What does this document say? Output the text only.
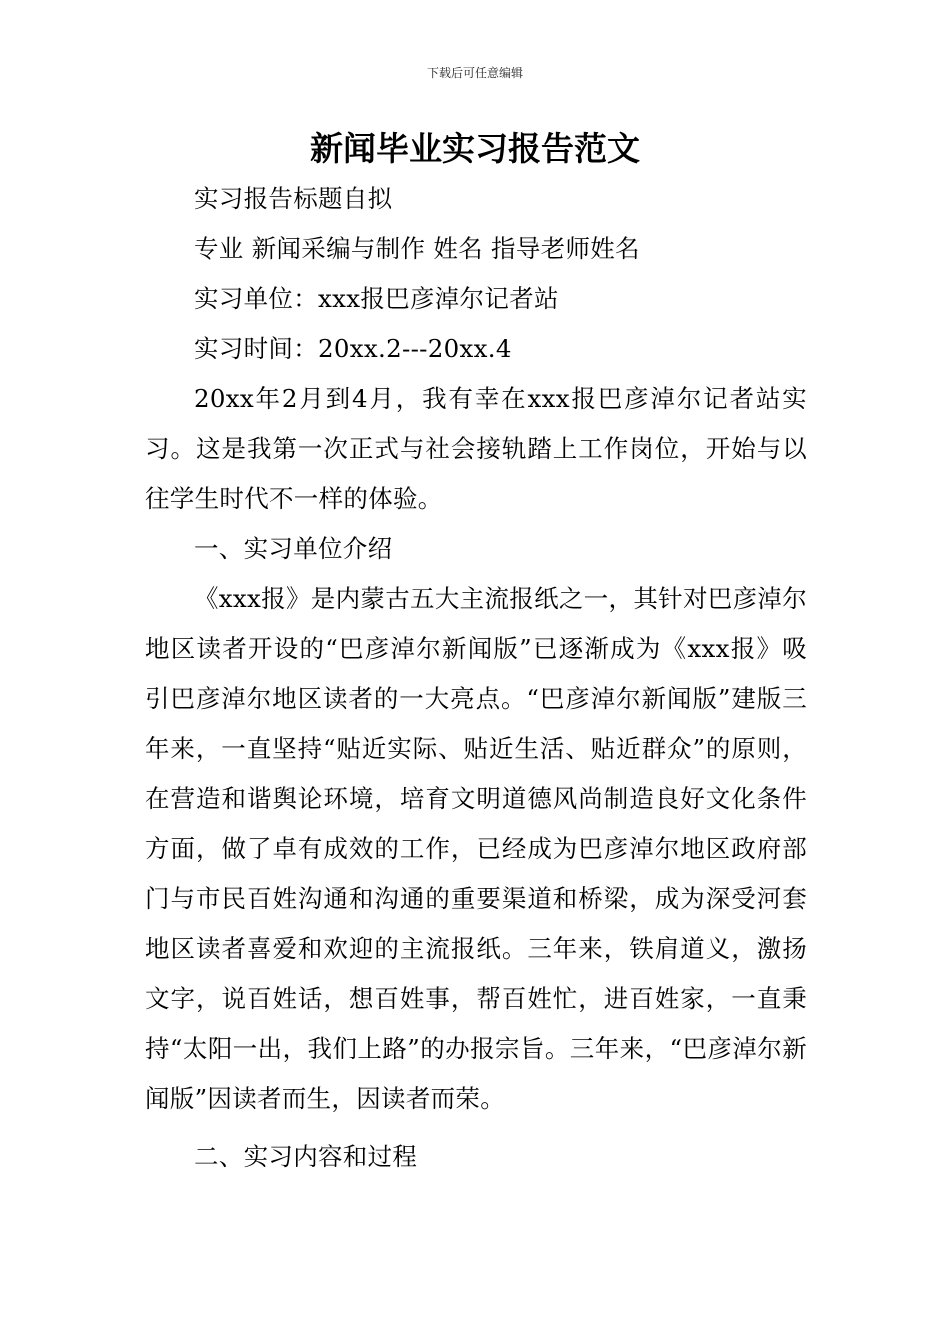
下载后可任意编辑
新闻毕业实习报告范文

实习报告标题自拟

专业 新闻采编与制作 姓名 指导老师姓名

实习单位：xxx报巴彦淖尔记者站

实习时间：20xx.2---20xx.4

20xx年2月到4月，我有幸在xxx报巴彦淖尔记者站实习。这是我第一次正式与社会接轨踏上工作岗位，开始与以往学生时代不一样的体验。

一、实习单位介绍

《xxx报》是内蒙古五大主流报纸之一，其针对巴彦淖尔地区读者开设的“巴彦淖尔新闻版”已逐渐成为《xxx报》吸引巴彦淖尔地区读者的一大亮点。“巴彦淖尔新闻版”建版三年来，一直坚持“贴近实际、贴近生活、贴近群众”的原则，在营造和谐舆论环境，培育文明道德风尚制造良好文化条件方面，做了卓有成效的工作，已经成为巴彦淖尔地区政府部门与市民百姓沟通和沟通的重要渠道和桥梁，成为深受河套地区读者喜爱和欢迎的主流报纸。三年来，铁肩道义，激扬文字，说百姓话，想百姓事，帮百姓忙，进百姓家，一直秉持“太阳一出，我们上路”的办报宗旨。三年来，“巴彦淖尔新闻版”因读者而生，因读者而荣。

二、实习内容和过程
